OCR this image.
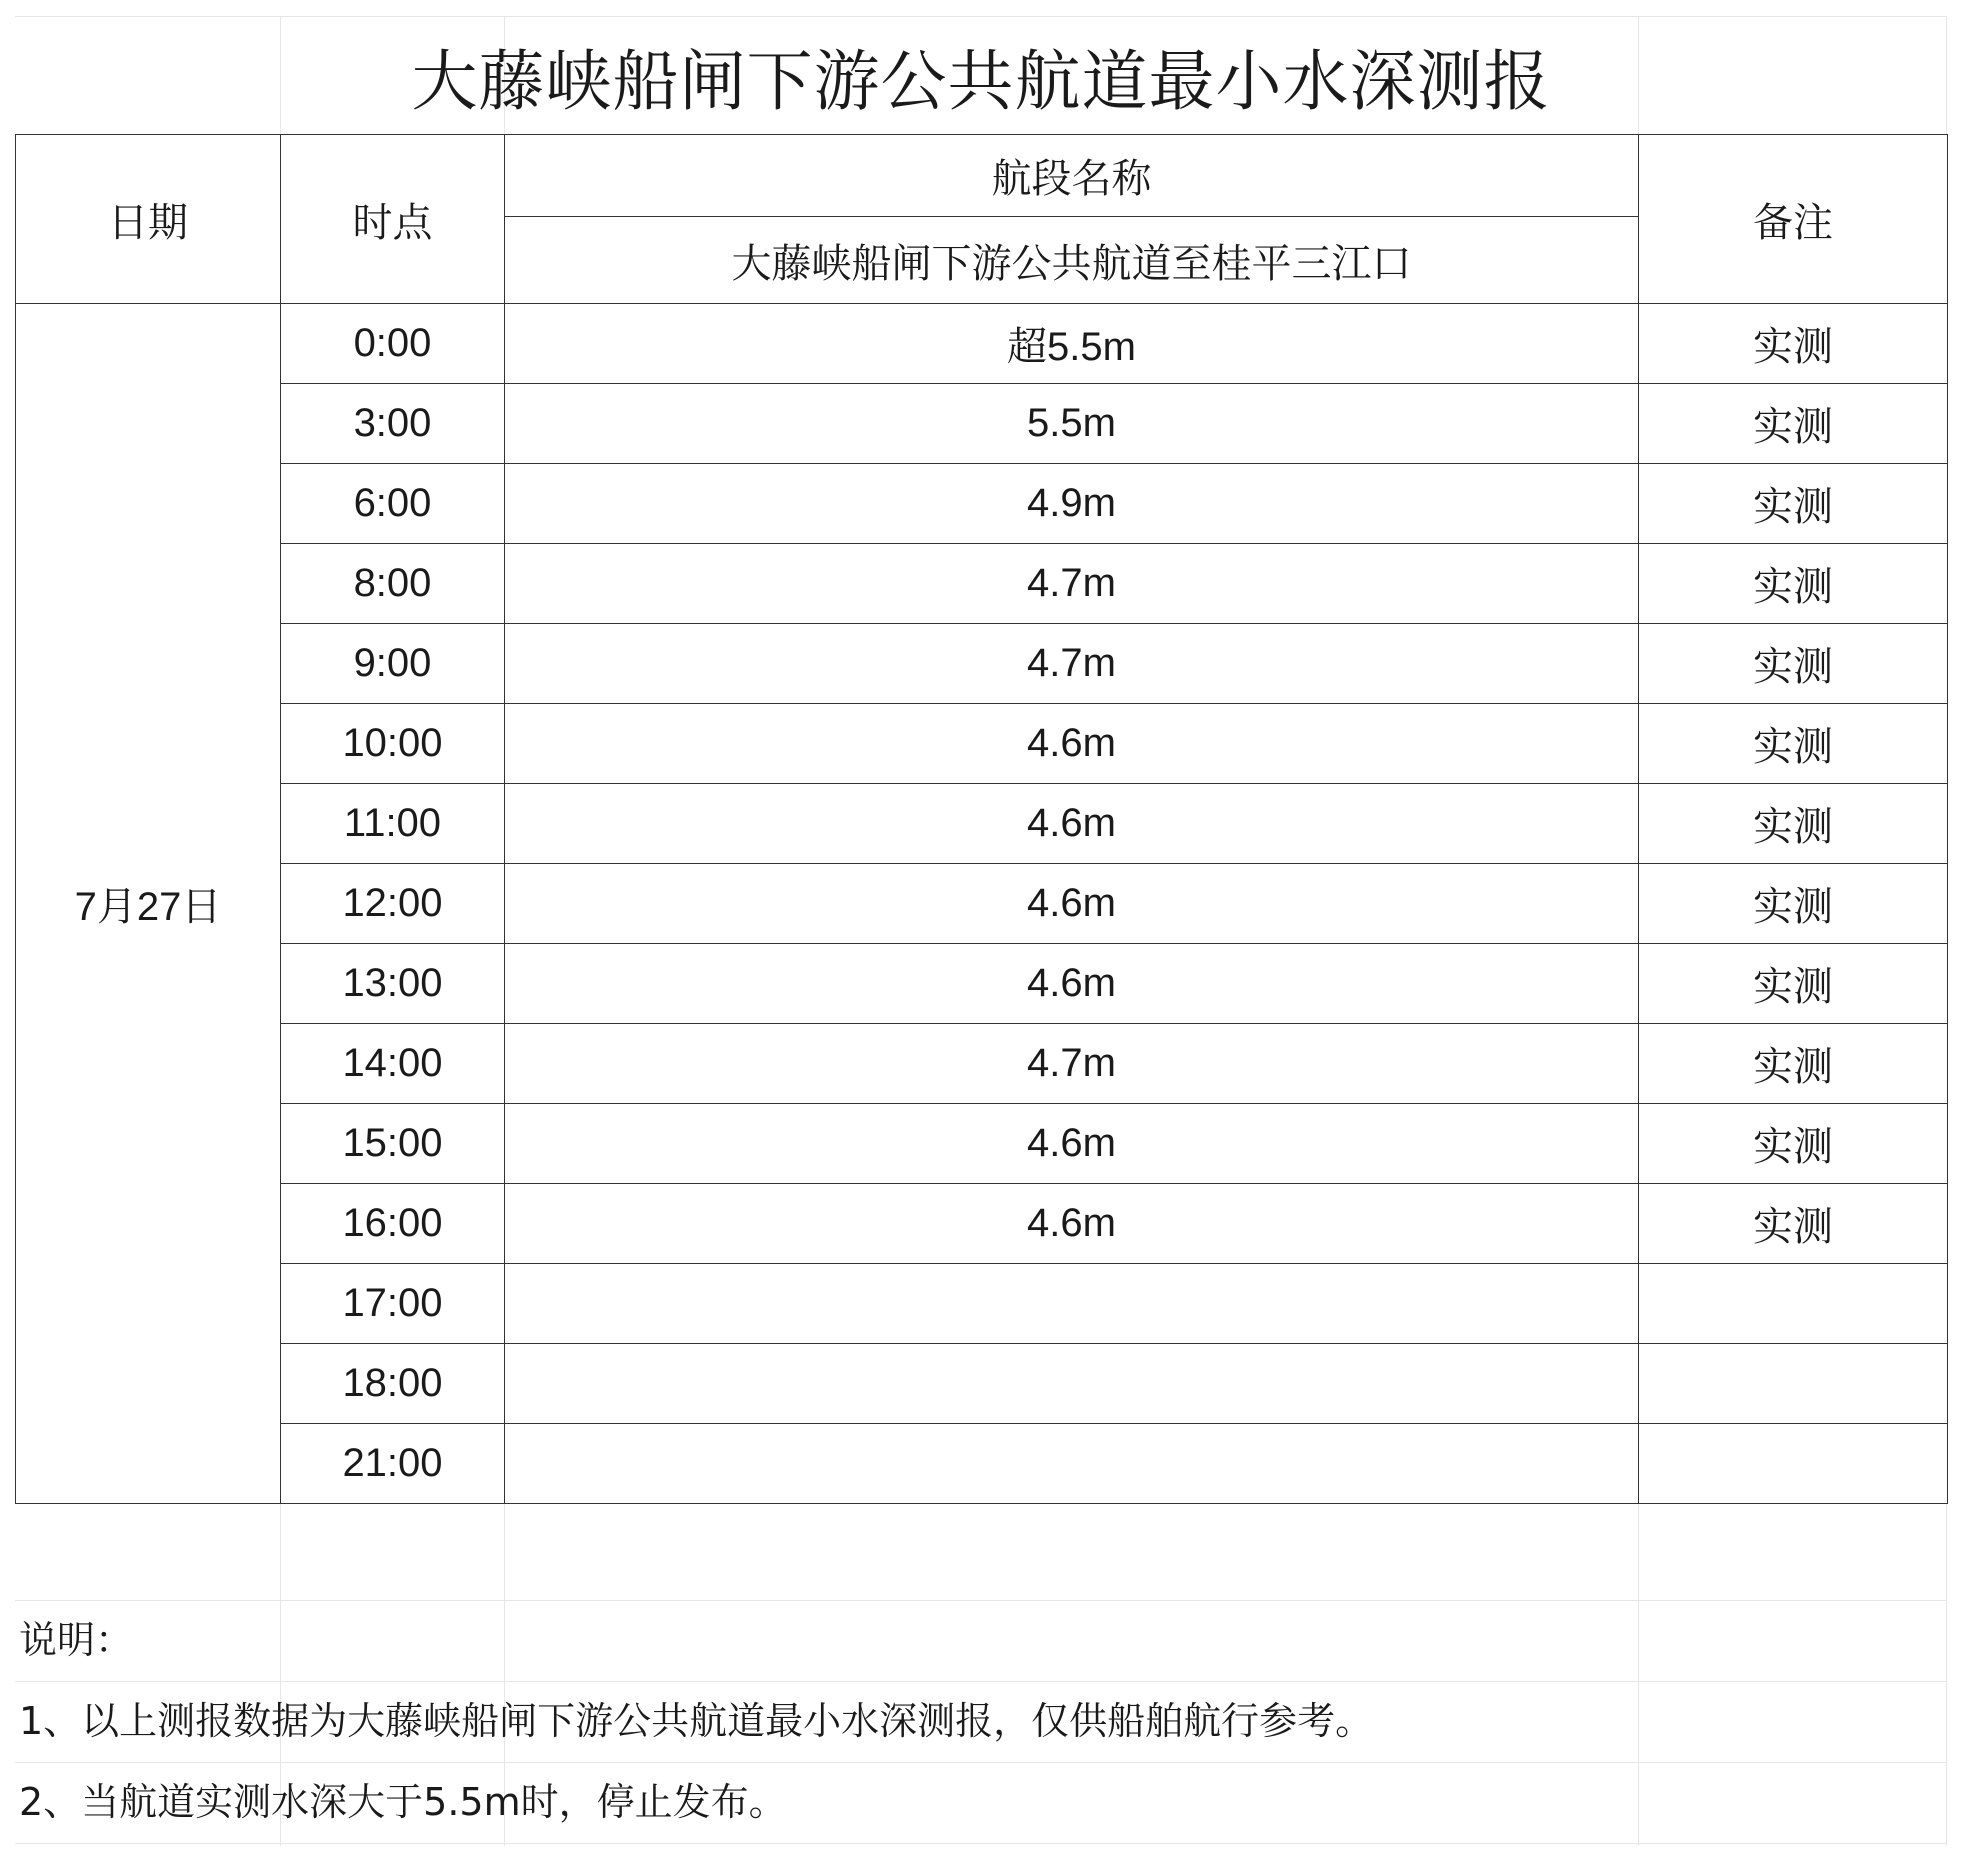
大藤峡船闸下游公共航道最小水深测报
日期	时点	航段名称	备注
		大藤峡船闸下游公共航道至桂平三江口	
7月27日	0:00	超5.5m	实测
	3:00	5.5m	实测
	6:00	4.9m	实测
	8:00	4.7m	实测
	9:00	4.7m	实测
	10:00	4.6m	实测
	11:00	4.6m	实测
	12:00	4.6m	实测
	13:00	4.6m	实测
	14:00	4.7m	实测
	15:00	4.6m	实测
	16:00	4.6m	实测
	17:00		
	18:00		
	21:00		
说明：
1、以上测报数据为大藤峡船闸下游公共航道最小水深测报，仅供船舶航行参考。
2、当航道实测水深大于5.5m时，停止发布。
